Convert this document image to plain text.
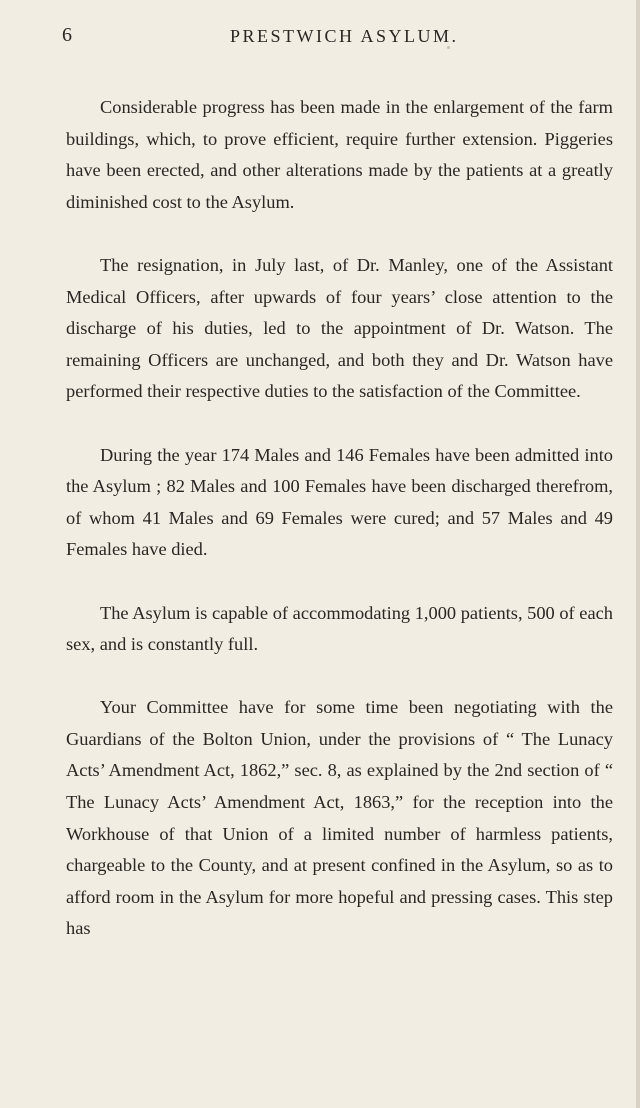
6	PRESTWICH ASYLUM.

Considerable progress has been made in the enlargement of the farm buildings, which, to prove efficient, require further extension. Piggeries have been erected, and other alterations made by the patients at a greatly diminished cost to the Asylum.

The resignation, in July last, of Dr. Manley, one of the Assistant Medical Officers, after upwards of four years’ close attention to the discharge of his duties, led to the appointment of Dr. Watson. The remaining Officers are unchanged, and both they and Dr. Watson have performed their respective duties to the satisfaction of the Committee.

During the year 174 Males and 146 Females have been admitted into the Asylum ; 82 Males and 100 Females have been discharged therefrom, of whom 41 Males and 69 Females were cured; and 57 Males and 49 Females have died.

The Asylum is capable of accommodating 1,000 patients, 500 of each sex, and is constantly full.

Your Committee have for some time been negotiating with the Guardians of the Bolton Union, under the provisions of “ The Lunacy Acts’ Amendment Act, 1862,” sec. 8, as explained by the 2nd section of “ The Lunacy Acts’ Amendment Act, 1863,” for the reception into the Workhouse of that Union of a limited number of harmless patients, chargeable to the County, and at present confined in the Asylum, so as to afford room in the Asylum for more hopeful and pressing cases. This step has
